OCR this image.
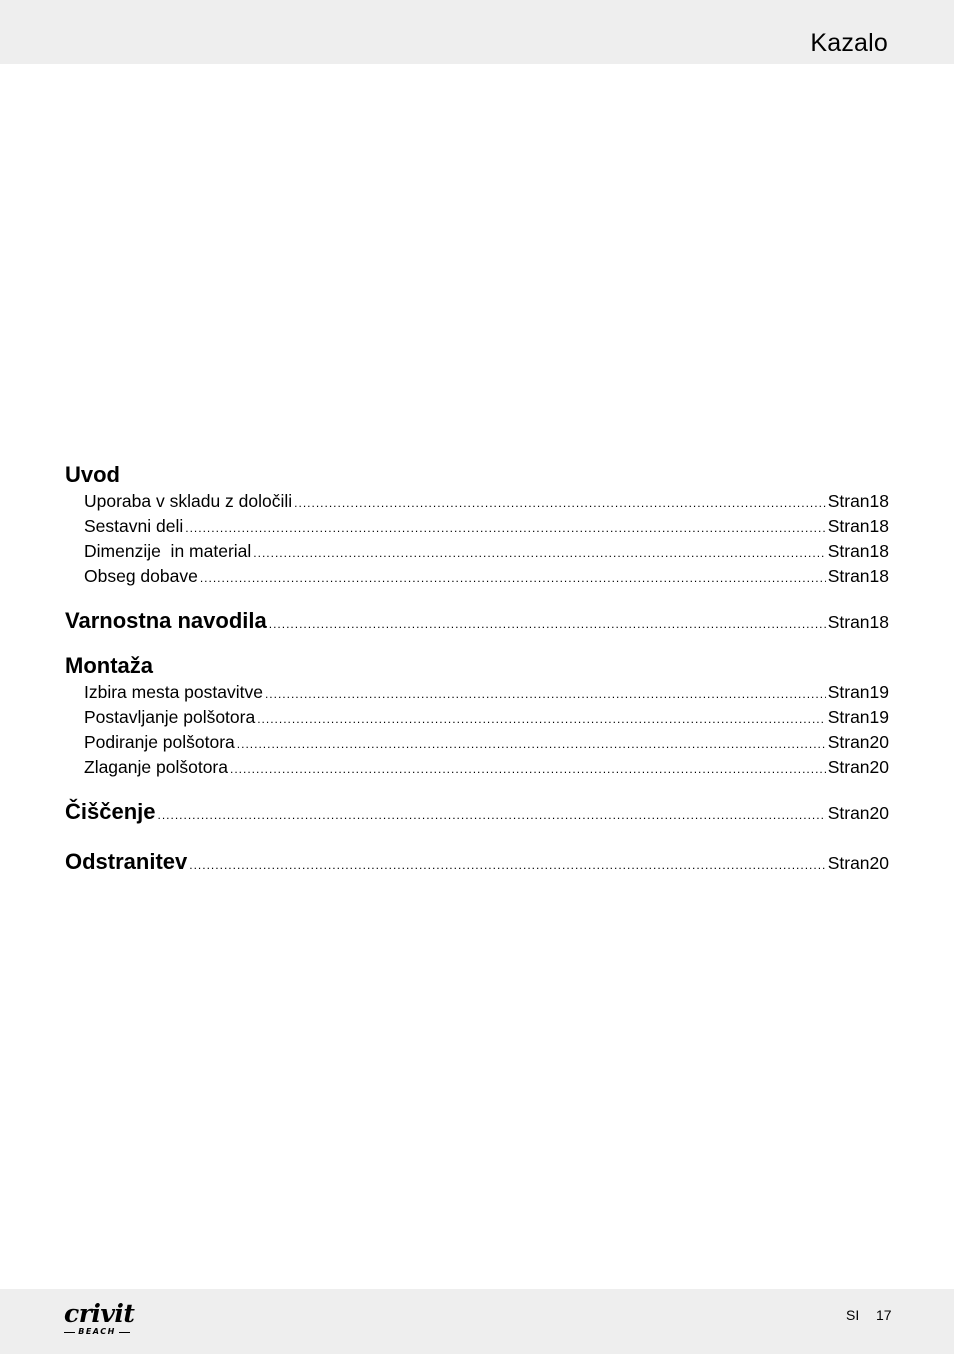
Kazalo
Uvod
Uporaba v skladu z določili .....	Stran 18
Sestavni deli .....	Stran 18
Dimenzije  in material .....	Stran 18
Obseg dobave .....	Stran 18
Varnostna navodila .....	Stran 18
Montaža
Izbira mesta postavitve .....	Stran 19
Postavljanje polšotora .....	Stran 19
Podiranje polšotora .....	Stran 20
Zlaganje polšotora .....	Stran 20
Čiščenje .....	Stran 20
Odstranitev .....	Stran 20
crivit
BEACH
SI 17
